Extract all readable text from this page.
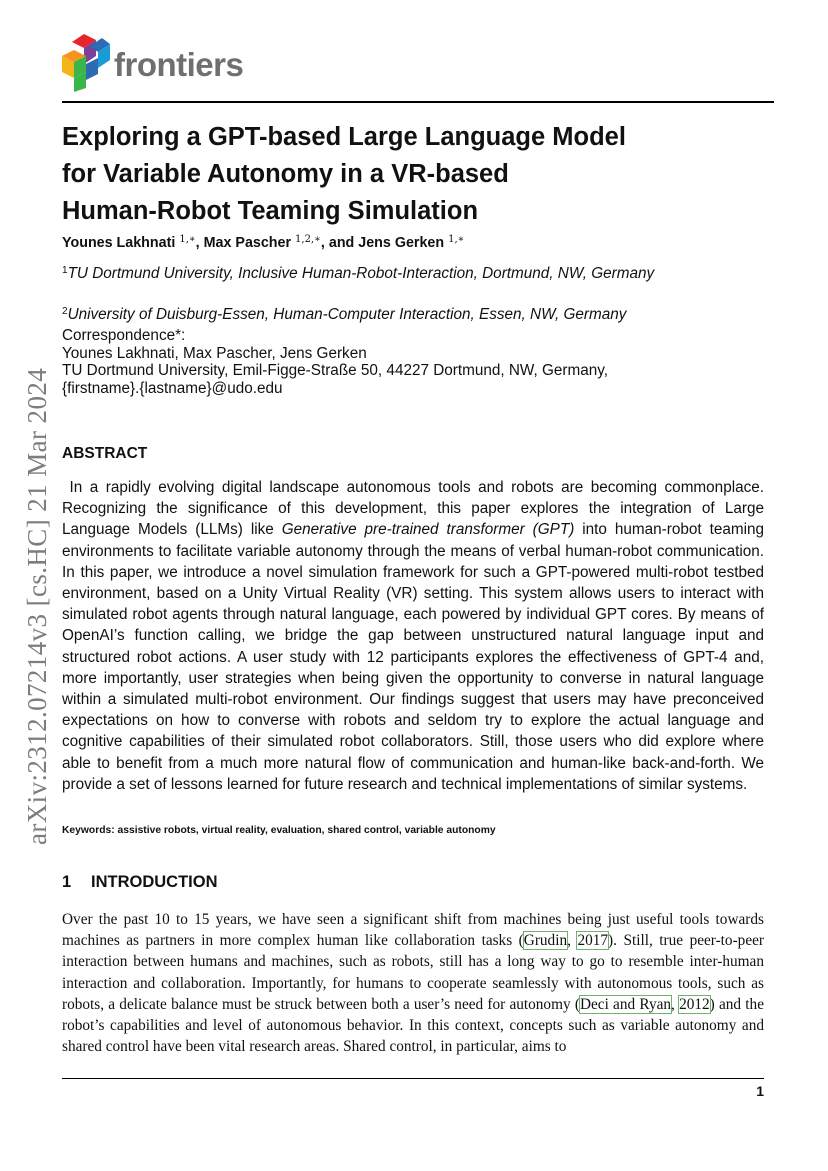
frontiers
Exploring a GPT-based Large Language Model
for Variable Autonomy in a VR-based
Human-Robot Teaming Simulation
Younes Lakhnati $^{1,∗}$, Max Pascher $^{1,2,∗}$, and Jens Gerken $^{1,∗}$
$^1$TU Dortmund University, Inclusive Human-Robot-Interaction, Dortmund, NW, Germany
$^2$University of Duisburg-Essen, Human-Computer Interaction, Essen, NW, Germany
Correspondence*:
Younes Lakhnati, Max Pascher, Jens Gerken
TU Dortmund University, Emil-Figge-Straße 50, 44227 Dortmund, NW, Germany,
{firstname}.{lastname}@udo.edu
arXiv:2312.07214v3 [cs.HC] 21 Mar 2024 ABSTRACT
In a rapidly evolving digital landscape autonomous tools and robots are becoming commonplace. Recognizing the significance of this development, this paper explores the integration of Large Language Models (LLMs) like Generative pre-trained transformer (GPT) into human-robot teaming environments to facilitate variable autonomy through the means of verbal human-robot communication. In this paper, we introduce a novel simulation framework for such a GPT-powered multi-robot testbed environment, based on a Unity Virtual Reality (VR) setting. This system allows users to interact with simulated robot agents through natural language, each powered by individual GPT cores. By means of OpenAI’s function calling, we bridge the gap between unstructured natural language input and structured robot actions. A user study with 12 participants explores the effectiveness of GPT-4 and, more importantly, user strategies when being given the opportunity to converse in natural language within a simulated multi-robot environment. Our findings suggest that users may have preconceived expectations on how to converse with robots and seldom try to explore the actual language and cognitive capabilities of their simulated robot collaborators. Still, those users who did explore where able to benefit from a much more natural flow of communication and human-like back-and-forth. We provide a set of lessons learned for future research and technical implementations of similar systems.
Keywords: assistive robots, virtual reality, evaluation, shared control, variable autonomy
1 INTRODUCTION
Over the past 10 to 15 years, we have seen a significant shift from machines being just useful tools towards machines as partners in more complex human like collaboration tasks (Grudin, 2017). Still, true peer-to-peer interaction between humans and machines, such as robots, still has a long way to go to resemble inter-human interaction and collaboration. Importantly, for humans to cooperate seamlessly with autonomous tools, such as robots, a delicate balance must be struck between both a user’s need for autonomy (Deci and Ryan, 2012) and the robot’s capabilities and level of autonomous behavior. In this context, concepts such as variable autonomy and shared control have been vital research areas. Shared control, in particular, aims to
1
